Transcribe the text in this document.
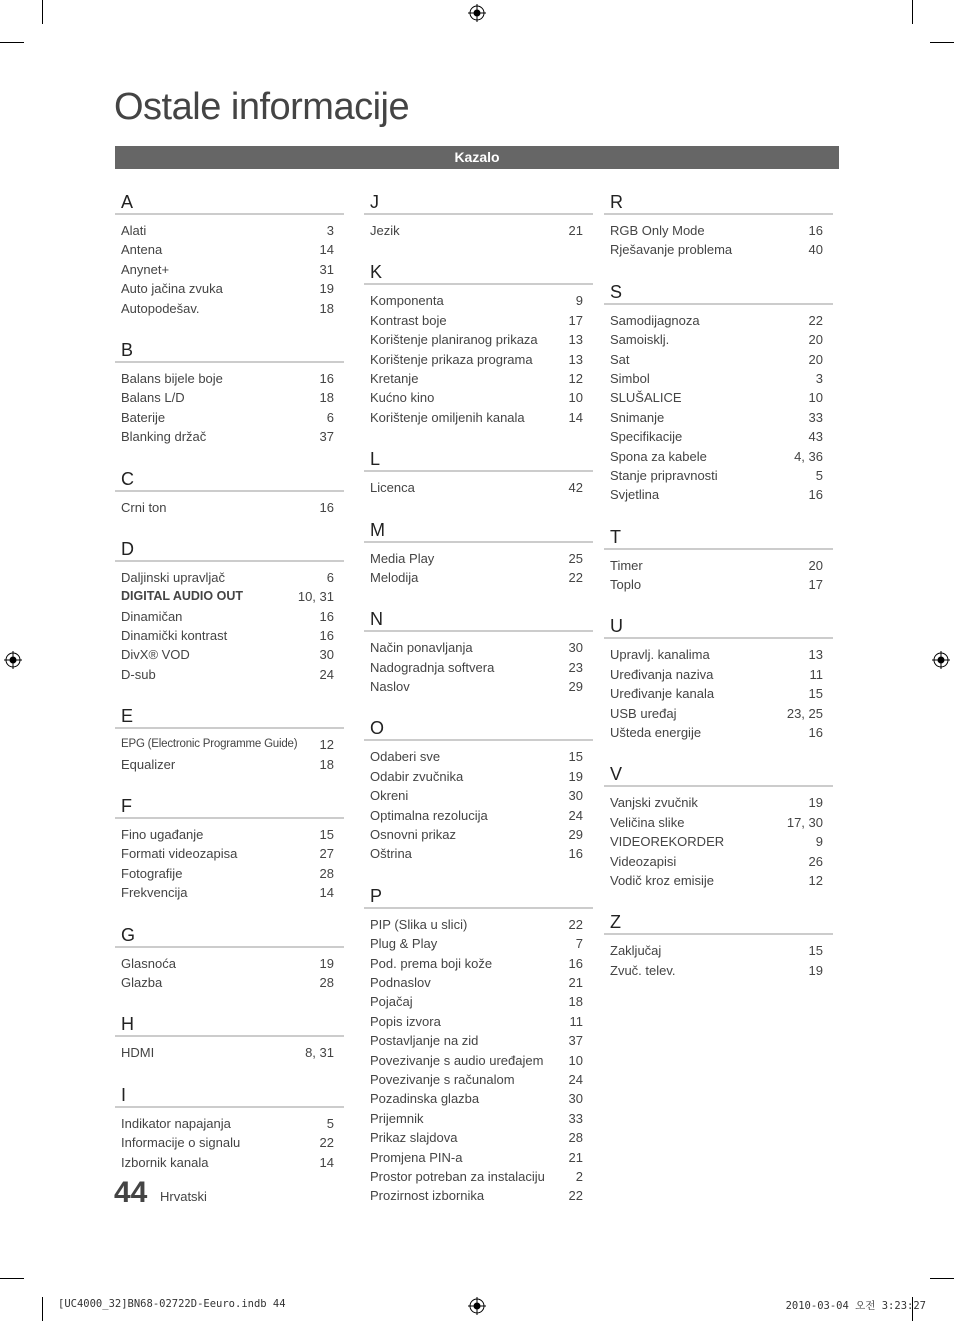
Ostale informacije
Kazalo
A
Alati	3
Antena	14
Anynet+	31
Auto jačina zvuka	19
Autopodešav.	18
B
Balans bijele boje	16
Balans L/D	18
Baterije	6
Blanking držač	37
C
Crni ton	16
D
Daljinski upravljač	6
DIGITAL AUDIO OUT	10, 31
Dinamičan	16
Dinamički kontrast	16
DivX® VOD	30
D-sub	24
E
EPG (Electronic Programme Guide) 12
Equalizer	18
F
Fino ugađanje	15
Formati videozapisa	27
Fotografije	28
Frekvencija	14
G
Glasnoća	19
Glazba	28
H
HDMI	8, 31
I
Indikator napajanja	5
Informacije o signalu	22
Izbornik kanala	14
J
Jezik	21
K
Komponenta	9
Kontrast boje	17
Korištenje planiranog prikaza 13
Korištenje prikaza programa	13
Kretanje	12
Kućno kino	10
Korištenje omiljenih kanala	14
L
Licenca	42
M
Media Play	25
Melodija	22
N
Način ponavljanja	30
Nadogradnja softvera	23
Naslov	29
O
Odaberi sve	15
Odabir zvučnika	19
Okreni	30
Optimalna rezolucija	24
Osnovni prikaz	29
Oštrina	16
P
PIP (Slika u slici)	22
Plug & Play	7
Pod. prema boji kože	16
Podnaslov	21
Pojačaj	18
Popis izvora	11
Postavljanje na zid	37
Povezivanje s audio uređajem 10
Povezivanje s računalom	24
Pozadinska glazba	30
Prijemnik	33
Prikaz slajdova	28
Promjena PIN-a	21
Prostor potreban za instalaciju 2
Prozirnost izbornika	22
R
RGB Only Mode	16
Rješavanje problema	40
S
Samodijagnoza	22
Samoisklj.	20
Sat	20
Simbol	3
SLUŠALICE	10
Snimanje	33
Specifikacije	43
Spona za kabele	4, 36
Stanje pripravnosti	5
Svjetlina	16
T
Timer	20
Toplo	17
U
Upravlj. kanalima	13
Uređivanja naziva	11
Uređivanje kanala	15
USB uređaj	23, 25
Ušteda energije	16
V
Vanjski zvučnik	19
Veličina slike	17, 30
VIDEOREKORDER	9
Videozapisi	26
Vodič kroz emisije	12
Z
Zaključaj	15
Zvuč. telev.	19
44 Hrvatski
[UC4000_32]BN68-02722D-Eeuro.indb 44	2010-03-04 오전 3:23:27
